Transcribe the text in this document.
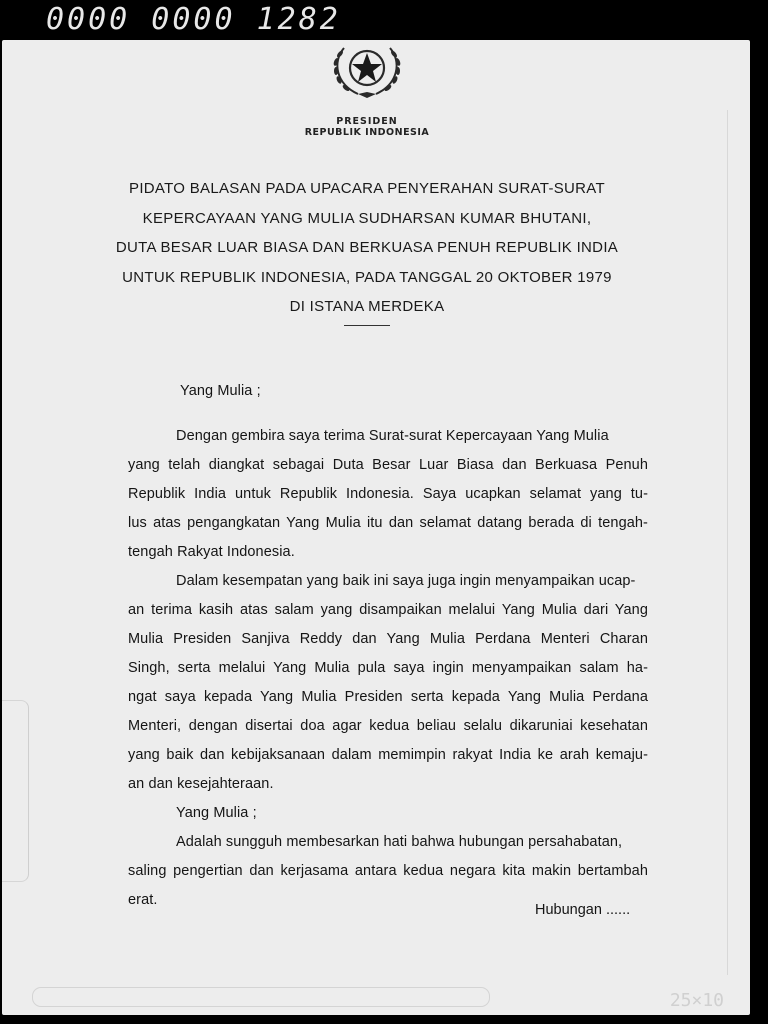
0000 0000 1282
25×10
PRESIDEN
REPUBLIK INDONESIA
PIDATO BALASAN PADA UPACARA PENYERAHAN SURAT-SURAT
KEPERCAYAAN YANG MULIA SUDHARSAN KUMAR BHUTANI,
DUTA BESAR LUAR BIASA DAN BERKUASA PENUH REPUBLIK INDIA
UNTUK REPUBLIK INDONESIA, PADA TANGGAL 20 OKTOBER 1979
DI ISTANA MERDEKA
Yang Mulia ;
Dengan gembira saya terima Surat-surat Kepercayaan Yang Mulia
yang telah diangkat sebagai Duta Besar Luar Biasa dan Berkuasa Penuh
Republik India untuk Republik Indonesia. Saya ucapkan selamat yang tu-
lus atas pengangkatan Yang Mulia itu dan selamat datang berada di tengah-
tengah Rakyat Indonesia.
Dalam kesempatan yang baik ini saya juga ingin menyampaikan ucap-
an terima kasih atas salam yang disampaikan melalui Yang Mulia dari Yang
Mulia Presiden Sanjiva Reddy dan Yang Mulia Perdana Menteri Charan
Singh, serta melalui Yang Mulia pula saya ingin menyampaikan salam ha-
ngat saya kepada Yang Mulia Presiden serta kepada Yang Mulia Perdana
Menteri, dengan disertai doa agar kedua beliau selalu dikaruniai kesehatan
yang baik dan kebijaksanaan dalam memimpin rakyat India ke arah kemaju-
an dan kesejahteraan.
Yang Mulia ;
Adalah sungguh membesarkan hati bahwa hubungan persahabatan,
saling pengertian dan kerjasama antara kedua negara kita makin bertambah
erat.
Hubungan ......
